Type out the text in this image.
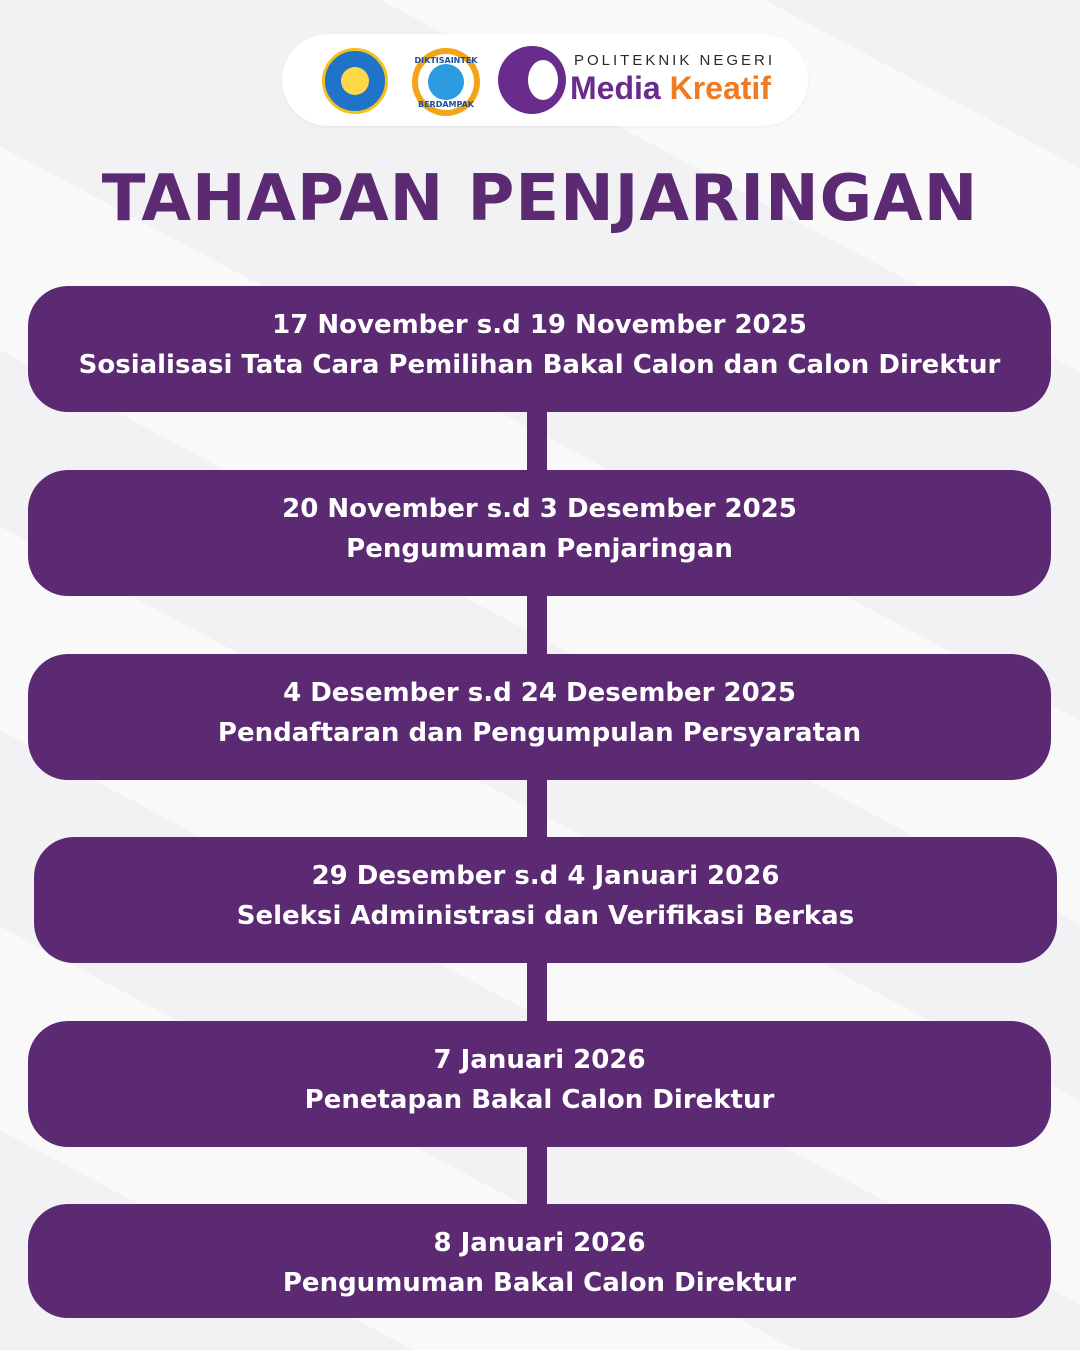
DIKTISAINTEK
BERDAMPAK
POLITEKNIK NEGERI
Media Kreatif
TAHAPAN PENJARINGAN
17 November s.d 19 November 2025
Sosialisasi Tata Cara Pemilihan Bakal Calon dan Calon Direktur
20 November s.d 3 Desember 2025
Pengumuman Penjaringan
4 Desember s.d 24 Desember 2025
Pendaftaran dan Pengumpulan Persyaratan
29 Desember s.d 4 Januari 2026
Seleksi Administrasi dan Verifikasi Berkas
7 Januari 2026
Penetapan Bakal Calon Direktur
8 Januari 2026
Pengumuman Bakal Calon Direktur
